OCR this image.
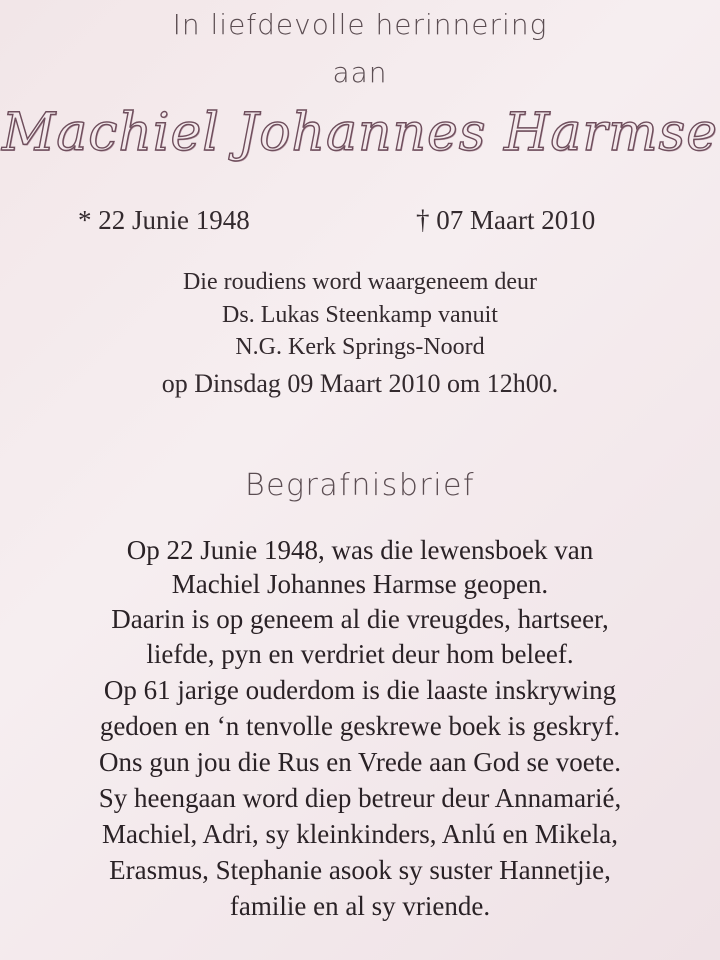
In liefdevolle herinnering
aan
Machiel Johannes Harmse
* 22 Junie 1948	† 07 Maart 2010
Die roudiens word waargeneem deur
Ds. Lukas Steenkamp vanuit
N.G. Kerk Springs-Noord
op Dinsdag 09 Maart 2010 om 12h00.
Begrafnisbrief
Op 22 Junie 1948, was die lewensboek van
Machiel Johannes Harmse geopen.
Daarin is op geneem al die vreugdes, hartseer,
liefde, pyn en verdriet deur hom beleef.
Op 61 jarige ouderdom is die laaste inskrywing
gedoen en ‘n tenvolle geskrewe boek is geskryf.
Ons gun jou die Rus en Vrede aan God se voete.
Sy heengaan word diep betreur deur Annamarié,
Machiel, Adri, sy kleinkinders, Anlú en Mikela,
Erasmus, Stephanie asook sy suster Hannetjie,
familie en al sy vriende.
